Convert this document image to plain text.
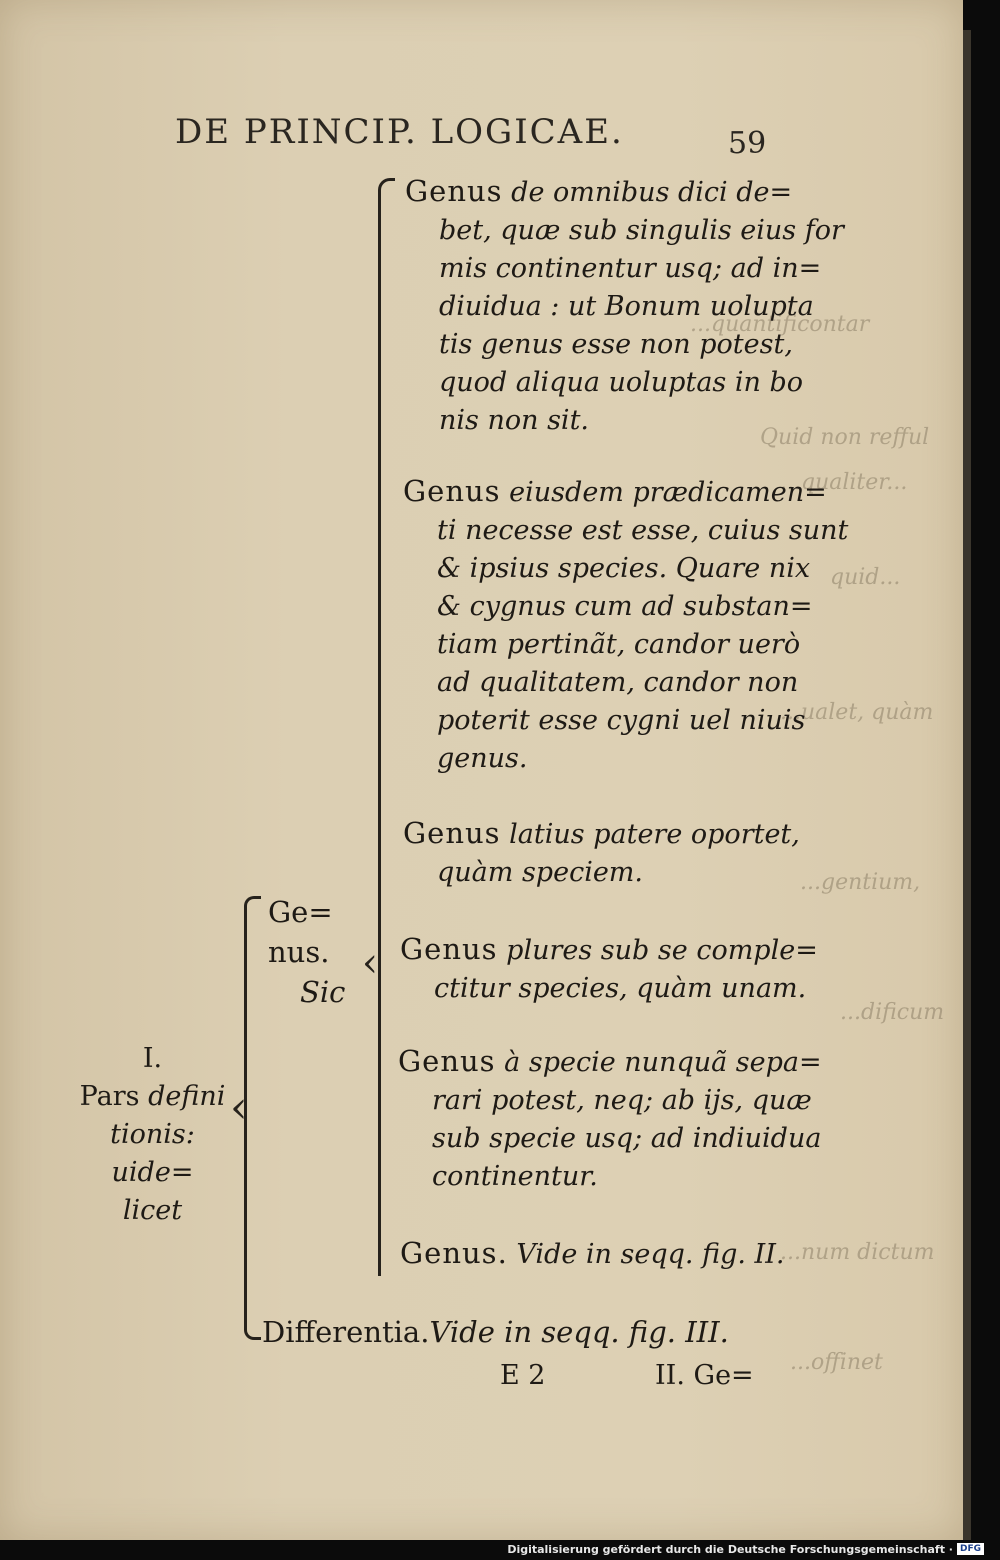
...quantificontar
Quid non refful
...qualiter...
quid...
...ualet, quàm
...gentium,
...dificum
...num dictum
...offinet
DE PRINCIP. LOGICAE.	59
‹
‹
Genus de omnibus dici de=
bet, quæ sub singulis eius for
mis continentur usq; ad in=
diuidua : ut Bonum uolupta
tis genus esse non potest,
quod aliqua uoluptas in bo
nis non sit.
Genus eiusdem prædicamen=
ti necesse est esse, cuius sunt
& ipsius species. Quare nix
& cygnus cum ad substan=
tiam pertinãt, candor uerò
ad qualitatem, candor non
poterit esse cygni uel niuis
genus.
Genus latius patere oportet,
quàm speciem.
Genus plures sub se comple=
ctitur species, quàm unam.
Genus à specie nunquã sepa=
rari potest, neq; ab ijs, quæ
sub specie usq; ad indiuidua
continentur.
Genus. Vide in seqq. fig. II.
Ge=
nus.
Sic
I.
Pars defini
tionis: uide=
licet
Differentia.Vide in seqq. fig. III.
E 2	II. Ge=
Digitalisierung gefördert durch die Deutsche Forschungsgemeinschaft · DFG
